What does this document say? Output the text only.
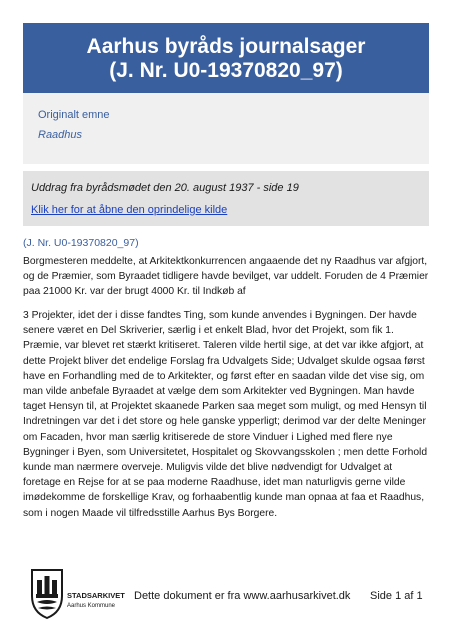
Aarhus byråds journalsager
(J. Nr. U0-19370820_97)
Originalt emne
Raadhus
Uddrag fra byrådsmødet den 20. august 1937 - side 19
Klik her for at åbne den oprindelige kilde
(J. Nr. U0-19370820_97)

Borgmesteren meddelte, at Arkitektkonkurrencen angaaende det ny Raadhus var afgjort, og de Præmier, som Byraadet tidligere havde bevilget, var uddelt. Foruden de 4 Præmier paa 21000 Kr. var der brugt 4000 Kr. til Indkøb af

3 Projekter, idet der i disse fandtes Ting, som kunde anvendes i Bygningen. Der havde senere været en Del Skriverier, særlig i et enkelt Blad, hvor det Projekt, som fik 1. Præmie, var blevet ret stærkt kritiseret. Taleren vilde hertil sige, at det var ikke afgjort, at dette Projekt bliver det endelige Forslag fra Udvalgets Side; Udvalget skulde ogsaa først have en Forhandling med de to Arkitekter, og først efter en saadan vilde det vise sig, om man vilde anbefale Byraadet at vælge dem som Arkitekter ved Bygningen. Man havde taget Hensyn til, at Projektet skaanede Parken saa meget som muligt, og med Hensyn til Indretningen var det i det store og hele ganske ypperligt; derimod var der delte Meninger om Facaden, hvor man særlig kritiserede de store Vinduer i Lighed med flere nye Bygninger i Byen, som Universitetet, Hospitalet og Skovvangsskolen ; men dette Forhold kunde man nærmere overveje. Muligvis vilde det blive nødvendigt for Udvalget at foretage en Rejse for at se paa moderne Raadhuse, idet man naturligvis gerne vilde imødekomme de forskellige Krav, og forhaabentlig kunde man opnaa at faa et Raadhus, som i nogen Maade vil tilfredsstille Aarhus Bys Borgere.

STADSARKIVET
Aarhus Kommune
Dette dokument er fra www.aarhusarkivet.dk Side 1 af 1
